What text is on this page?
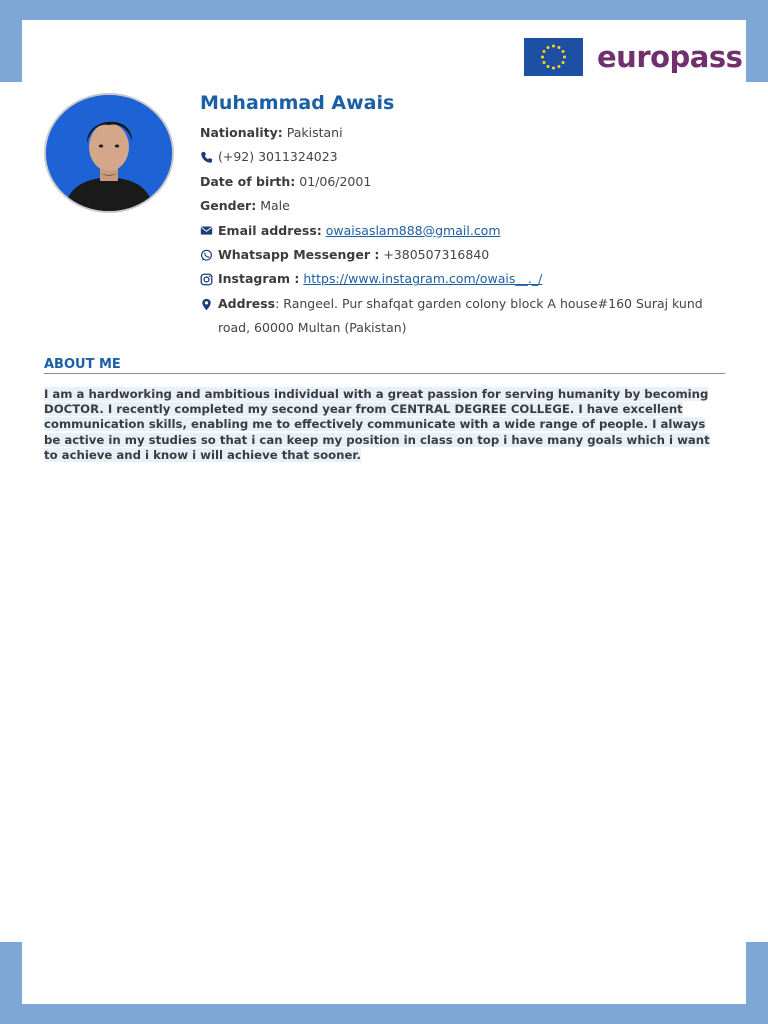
europass
Muhammad Awais
Nationality: Pakistani
(+92) 3011324023
Date of birth: 01/06/2001
Gender: Male
Email address: owaisaslam888@gmail.com
Whatsapp Messenger : +380507316840
Instagram : https://www.instagram.com/owais__._/
Address: Rangeel. Pur shafqat garden colony block A house#160 Suraj kund road, 60000 Multan (Pakistan)
ABOUT ME

I am a hardworking and ambitious individual with a great passion for serving humanity by becoming DOCTOR. I recently completed my second year from CENTRAL DEGREE COLLEGE. I have excellent communication skills, enabling me to effectively communicate with a wide range of people. I always be active in my studies so that i can keep my position in class on top i have many goals which i want to achieve and i know i will achieve that sooner.
